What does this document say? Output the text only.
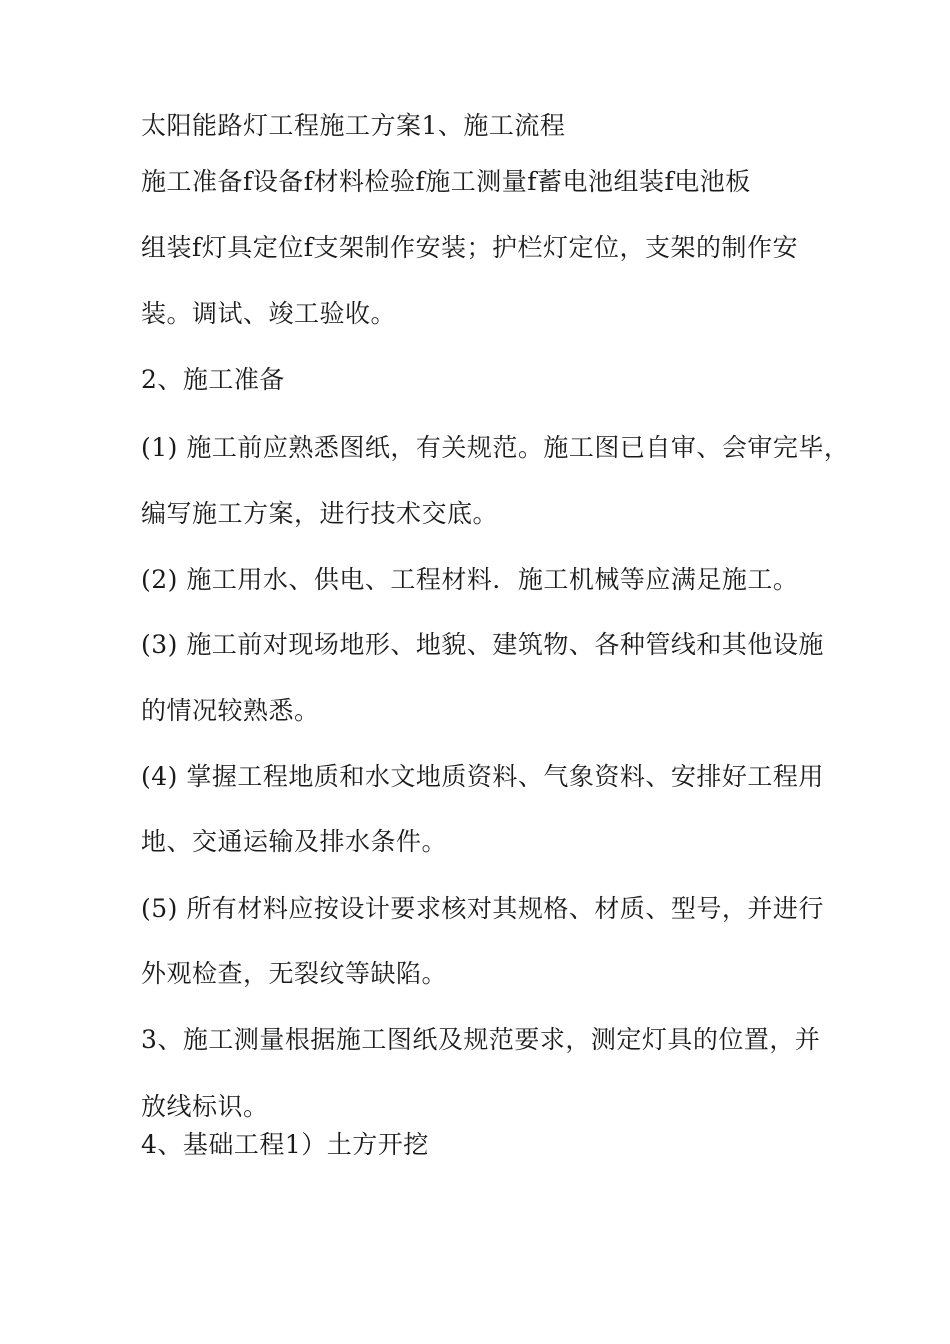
太阳能路灯工程施工方案1、施工流程
施工准备f设备f材料检验f施工测量f蓄电池组装f电池板
组装f灯具定位f支架制作安装；护栏灯定位，支架的制作安
装。调试、竣工验收。
2、施工准备
(1) 施工前应熟悉图纸，有关规范。施工图已自审、会审完毕，
编写施工方案，进行技术交底。
(2) 施工用水、供电、工程材料．施工机械等应满足施工。
(3) 施工前对现场地形、地貌、建筑物、各种管线和其他设施
的情况较熟悉。
(4) 掌握工程地质和水文地质资料、气象资料、安排好工程用
地、交通运输及排水条件。
(5) 所有材料应按设计要求核对其规格、材质、型号，并进行
外观检查，无裂纹等缺陷。
3、施工测量根据施工图纸及规范要求，测定灯具的位置，并
放线标识。
4、基础工程1）土方开挖
